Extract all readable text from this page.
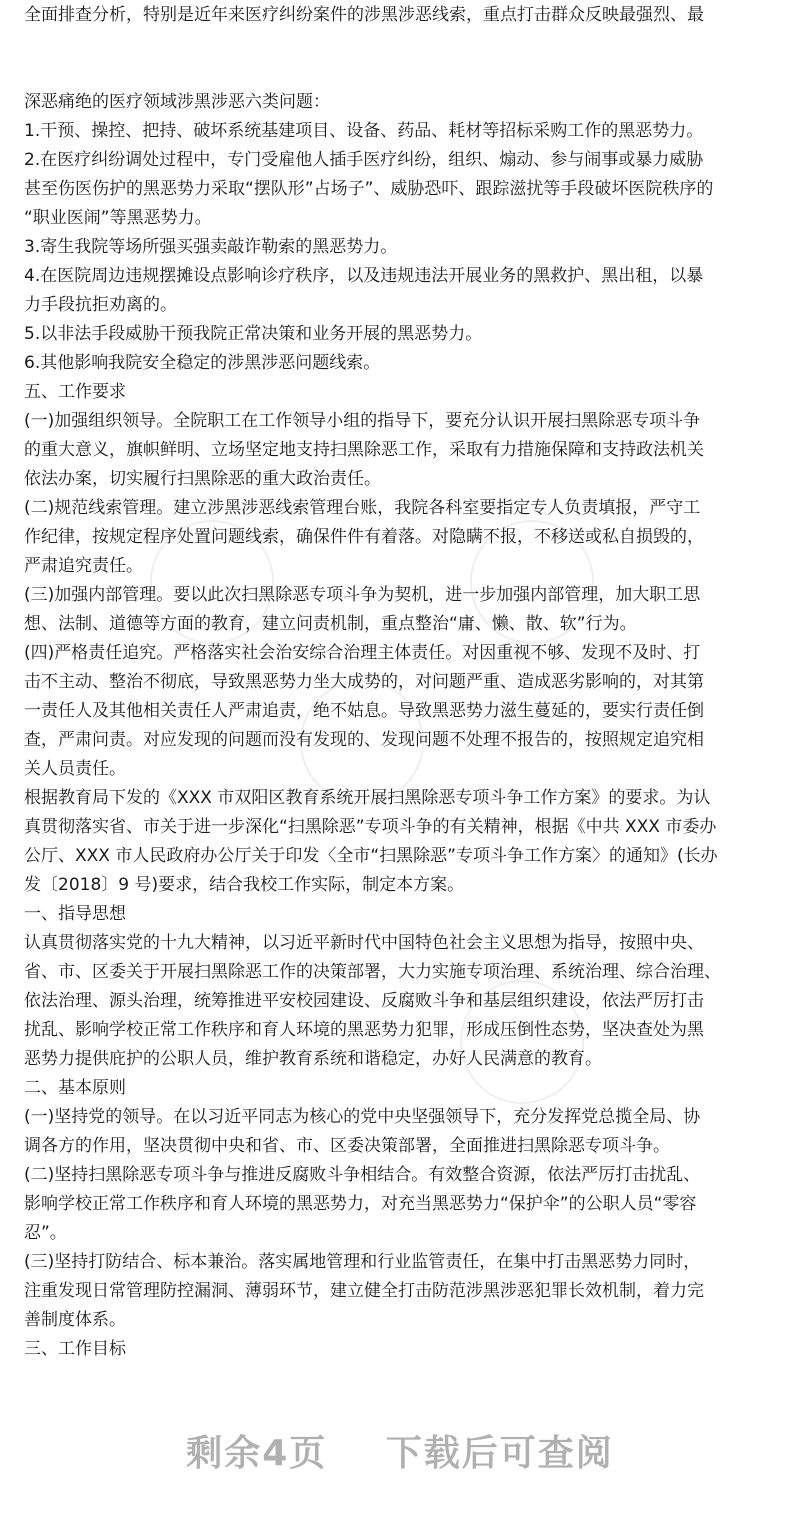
全面排查分析，特别是近年来医疗纠纷案件的涉黑涉恶线索，重点打击群众反映最强烈、最
深恶痛绝的医疗领域涉黑涉恶六类问题：
1.干预、操控、把持、破坏系统基建项目、设备、药品、耗材等招标采购工作的黑恶势力。
2.在医疗纠纷调处过程中，专门受雇他人插手医疗纠纷，组织、煽动、参与闹事或暴力威胁
甚至伤医伤护的黑恶势力采取“摆队形”占场子”、威胁恐吓、跟踪滋扰等手段破坏医院秩序的
“职业医闹”等黑恶势力。
3.寄生我院等场所强买强卖敲诈勒索的黑恶势力。
4.在医院周边违规摆摊设点影响诊疗秩序，以及违规违法开展业务的黑救护、黑出租，以暴
力手段抗拒劝离的。
5.以非法手段威胁干预我院正常决策和业务开展的黑恶势力。
6.其他影响我院安全稳定的涉黑涉恶问题线索。
五、工作要求
(一)加强组织领导。全院职工在工作领导小组的指导下，要充分认识开展扫黑除恶专项斗争
的重大意义，旗帜鲜明、立场坚定地支持扫黑除恶工作，采取有力措施保障和支持政法机关
依法办案，切实履行扫黑除恶的重大政治责任。
(二)规范线索管理。建立涉黑涉恶线索管理台账，我院各科室要指定专人负责填报，严守工
作纪律，按规定程序处置问题线索，确保件件有着落。对隐瞒不报，不移送或私自损毁的，
严肃追究责任。
(三)加强内部管理。要以此次扫黑除恶专项斗争为契机，进一步加强内部管理，加大职工思
想、法制、道德等方面的教育，建立问责机制，重点整治“庸、懒、散、软”行为。
(四)严格责任追究。严格落实社会治安综合治理主体责任。对因重视不够、发现不及时、打
击不主动、整治不彻底，导致黑恶势力坐大成势的，对问题严重、造成恶劣影响的，对其第
一责任人及其他相关责任人严肃追责，绝不姑息。导致黑恶势力滋生蔓延的，要实行责任倒
查，严肃问责。对应发现的问题而没有发现的、发现问题不处理不报告的，按照规定追究相
关人员责任。
根据教育局下发的《XXX 市双阳区教育系统开展扫黑除恶专项斗争工作方案》的要求。为认
真贯彻落实省、市关于进一步深化“扫黑除恶”专项斗争的有关精神，根据《中共 XXX 市委办
公厅、XXX 市人民政府办公厅关于印发〈全市“扫黑除恶”专项斗争工作方案〉的通知》(长办
发〔2018〕9 号)要求，结合我校工作实际，制定本方案。
一、指导思想
认真贯彻落实党的十九大精神，以习近平新时代中国特色社会主义思想为指导，按照中央、
省、市、区委关于开展扫黑除恶工作的决策部署，大力实施专项治理、系统治理、综合治理、
依法治理、源头治理，统筹推进平安校园建设、反腐败斗争和基层组织建设，依法严厉打击
扰乱、影响学校正常工作秩序和育人环境的黑恶势力犯罪，形成压倒性态势，坚决查处为黑
恶势力提供庇护的公职人员，维护教育系统和谐稳定，办好人民满意的教育。
二、基本原则
(一)坚持党的领导。在以习近平同志为核心的党中央坚强领导下，充分发挥党总揽全局、协
调各方的作用，坚决贯彻中央和省、市、区委决策部署，全面推进扫黑除恶专项斗争。
(二)坚持扫黑除恶专项斗争与推进反腐败斗争相结合。有效整合资源，依法严厉打击扰乱、
影响学校正常工作秩序和育人环境的黑恶势力，对充当黑恶势力“保护伞”的公职人员“零容
忍”。
(三)坚持打防结合、标本兼治。落实属地管理和行业监管责任，在集中打击黑恶势力同时，
注重发现日常管理防控漏洞、薄弱环节，建立健全打击防范涉黑涉恶犯罪长效机制，着力完
善制度体系。
三、工作目标
剩余4页 下载后可查阅
